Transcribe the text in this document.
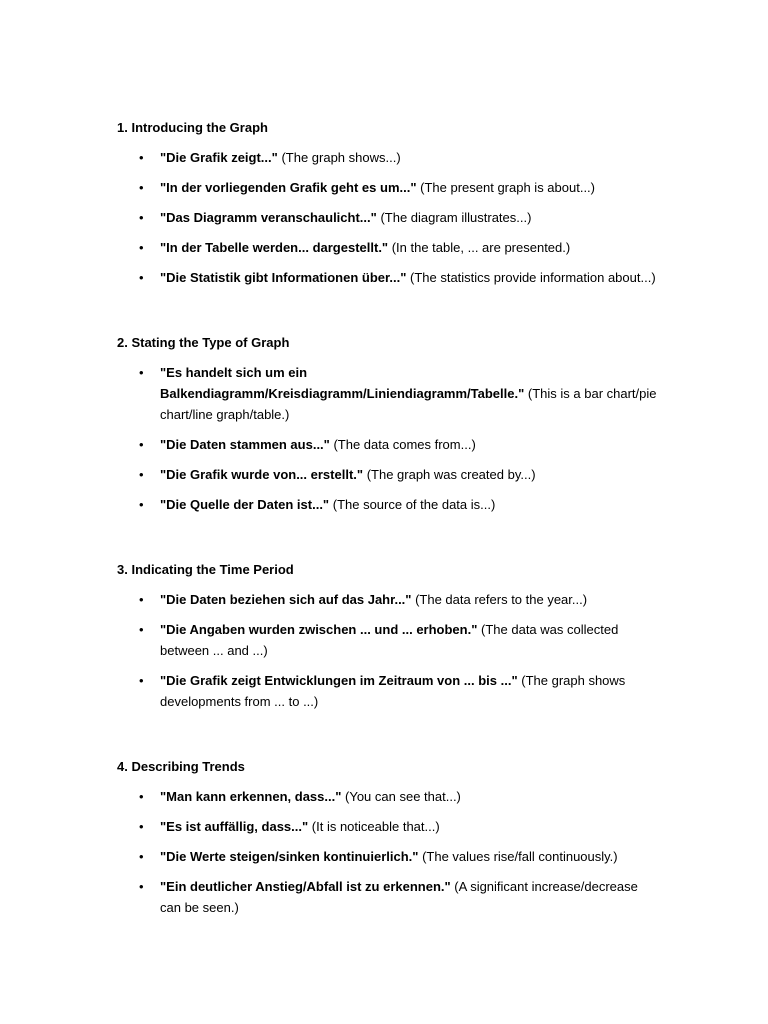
1. Introducing the Graph
• "Die Grafik zeigt..." (The graph shows...)
• "In der vorliegenden Grafik geht es um..." (The present graph is about...)
• "Das Diagramm veranschaulicht..." (The diagram illustrates...)
• "In der Tabelle werden... dargestellt." (In the table, ... are presented.)
• "Die Statistik gibt Informationen über..." (The statistics provide information about...)
2. Stating the Type of Graph
• "Es handelt sich um ein Balkendiagramm/Kreisdiagramm/Liniendiagramm/Tabelle." (This is a bar chart/pie chart/line graph/table.)
• "Die Daten stammen aus..." (The data comes from...)
• "Die Grafik wurde von... erstellt." (The graph was created by...)
• "Die Quelle der Daten ist..." (The source of the data is...)
3. Indicating the Time Period
• "Die Daten beziehen sich auf das Jahr..." (The data refers to the year...)
• "Die Angaben wurden zwischen ... und ... erhoben." (The data was collected between ... and ...)
• "Die Grafik zeigt Entwicklungen im Zeitraum von ... bis ..." (The graph shows developments from ... to ...)
4. Describing Trends
• "Man kann erkennen, dass..." (You can see that...)
• "Es ist auffällig, dass..." (It is noticeable that...)
• "Die Werte steigen/sinken kontinuierlich." (The values rise/fall continuously.)
• "Ein deutlicher Anstieg/Abfall ist zu erkennen." (A significant increase/decrease can be seen.)
